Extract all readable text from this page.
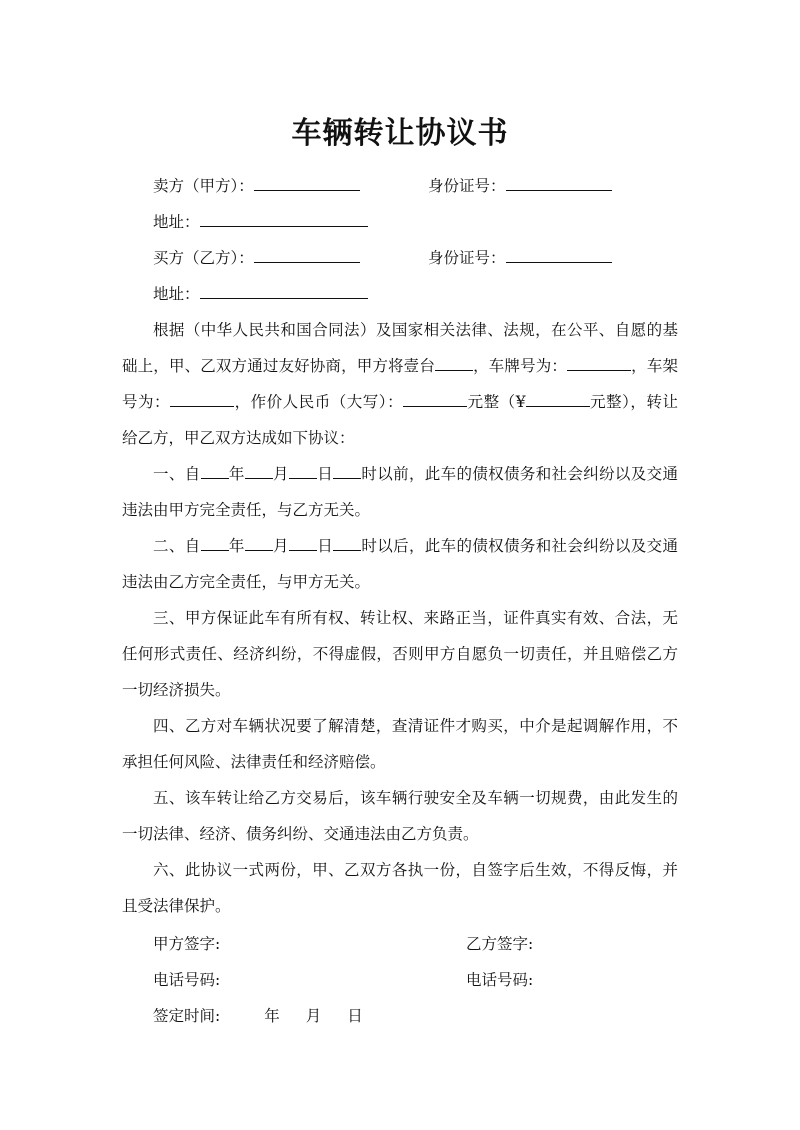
车辆转让协议书
卖方（甲方）：	身份证号：
地址：
买方（乙方）：	身份证号：
地址：

根据（中华人民共和国合同法）及国家相关法律、法规，在公平、自愿的基础上，甲、乙双方通过友好协商，甲方将壹台 ，车牌号为：	，车架号为：	，作价人民币（大写）：	元整（¥	元整），转让给乙方，甲乙双方达成如下协议：

一、自 年 月 日 时以前，此车的债权债务和社会纠纷以及交通违法由甲方完全责任，与乙方无关。

二、自 年 月 日 时以后，此车的债权债务和社会纠纷以及交通违法由乙方完全责任，与甲方无关。

三、甲方保证此车有所有权、转让权、来路正当，证件真实有效、合法，无任何形式责任、经济纠纷，不得虚假，否则甲方自愿负一切责任，并且赔偿乙方一切经济损失。

四、乙方对车辆状况要了解清楚，查清证件才购买，中介是起调解作用，不承担任何风险、法律责任和经济赔偿。

五、该车转让给乙方交易后，该车辆行驶安全及车辆一切规费，由此发生的一切法律、经济、债务纠纷、交通违法由乙方负责。

六、此协议一式两份，甲、乙双方各执一份，自签字后生效，不得反悔，并且受法律保护。

甲方签字:	乙方签字:
电话号码:	电话号码:
签定时间:	年 月 日
